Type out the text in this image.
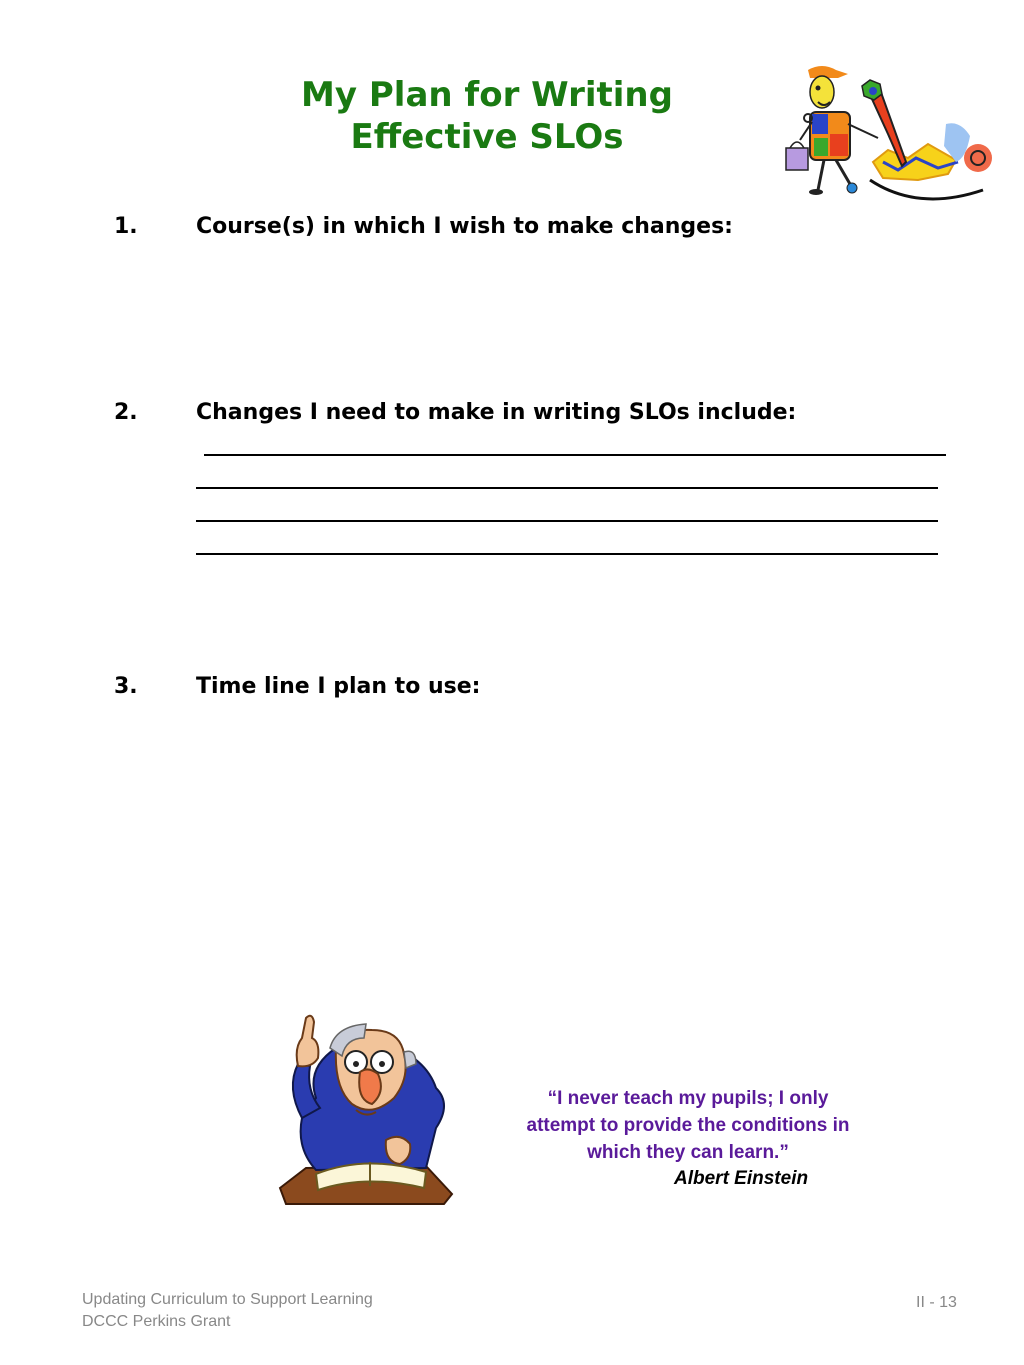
My Plan for Writing
Effective SLOs
1.	Course(s) in which I wish to make changes:
2.	Changes I need to make in writing SLOs include:
3.	Time line I plan to use:
“I never teach my pupils; I only
attempt to provide the conditions in
which they can learn.”
Albert Einstein
Updating Curriculum to Support Learning
DCCC Perkins Grant
II - 13
